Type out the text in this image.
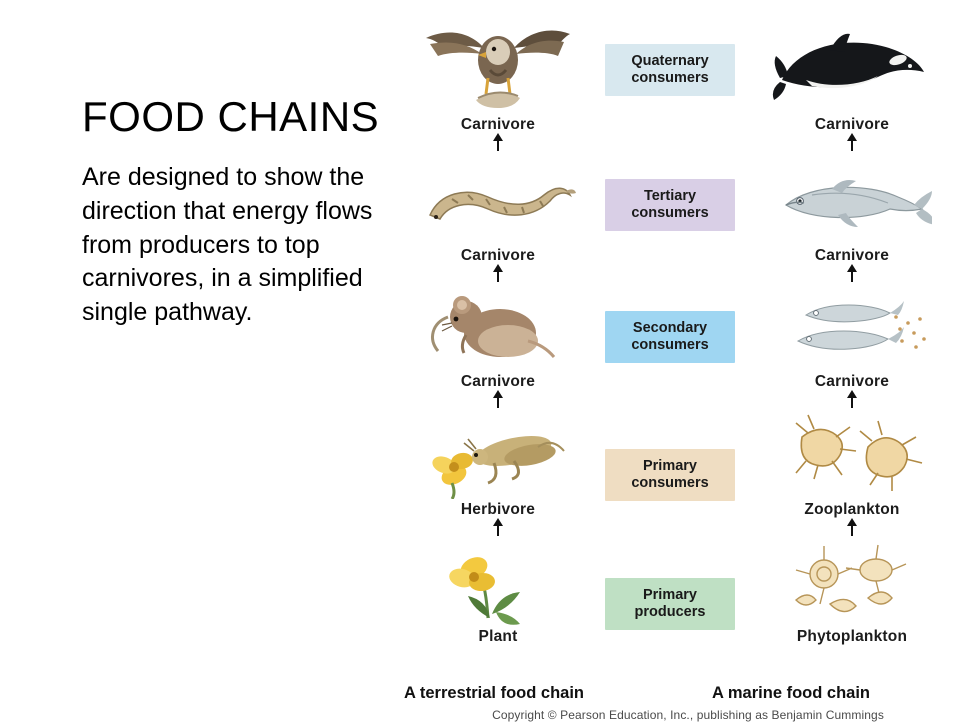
FOOD CHAINS

Are designed to show the direction that energy flows from producers to top carnivores, in a simplified single pathway.

Carnivore
Carnivore
Carnivore
Herbivore
Plant
Quaternary consumers
Tertiary consumers
Secondary consumers
Primary consumers
Primary producers
Carnivore
Carnivore
Carnivore
Zooplankton
Phytoplankton
A terrestrial food chain	A marine food chain
Copyright © Pearson Education, Inc., publishing as Benjamin Cummings
